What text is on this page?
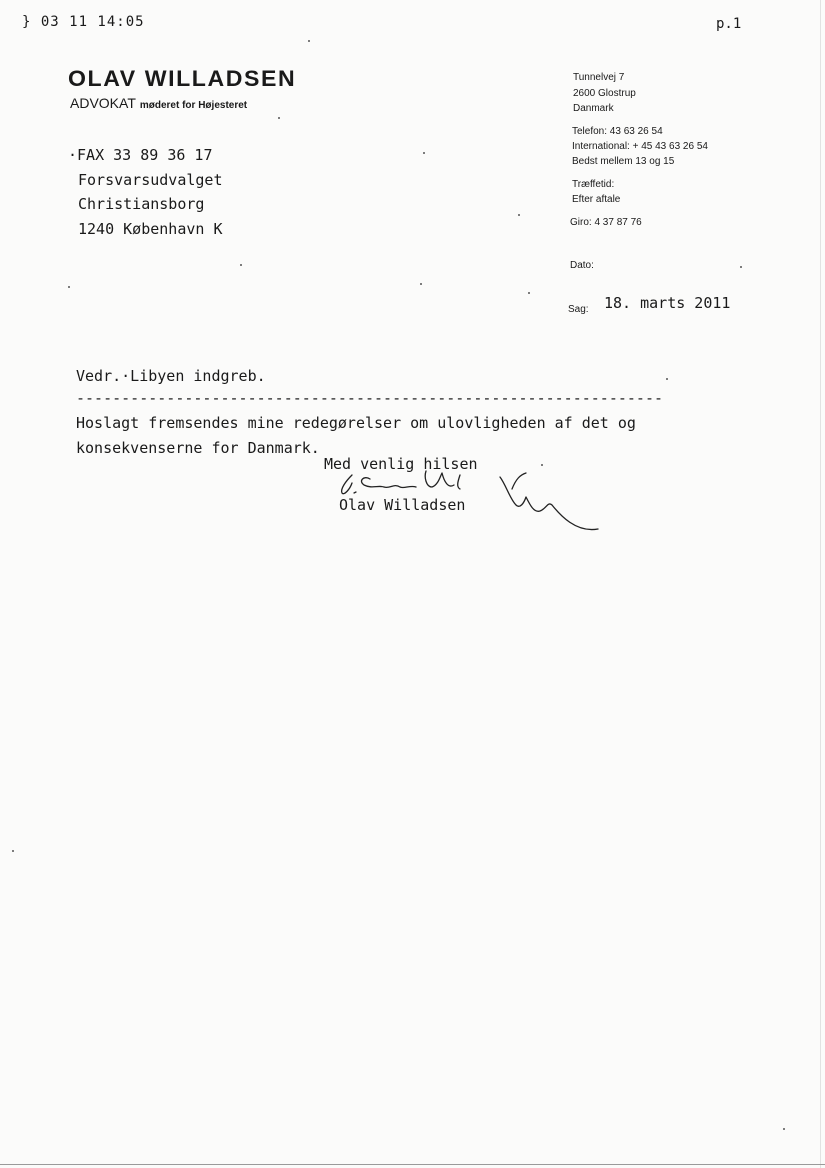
} 03 11 14:05	p.1
OLAV WILLADSEN
ADVOKAT møderet for Højesteret
Tunnelvej 7
2600 Glostrup
Danmark
Telefon: 43 63 26 54
International: + 45 43 63 26 54
Bedst mellem 13 og 15
Træffetid:
Efter aftale
Giro: 4 37 87 76
Dato:
Sag: 18. marts 2011
·FAX 33 89 36 17
Forsvarsudvalget
Christiansborg
1240 København K
Vedr.·Libyen indgreb.
-----------------------------------------------------------------
Hoslagt fremsendes mine redegørelser om ulovligheden af det og
konsekvenserne for Danmark.
Med venlig hilsen
Olav Willadsen
